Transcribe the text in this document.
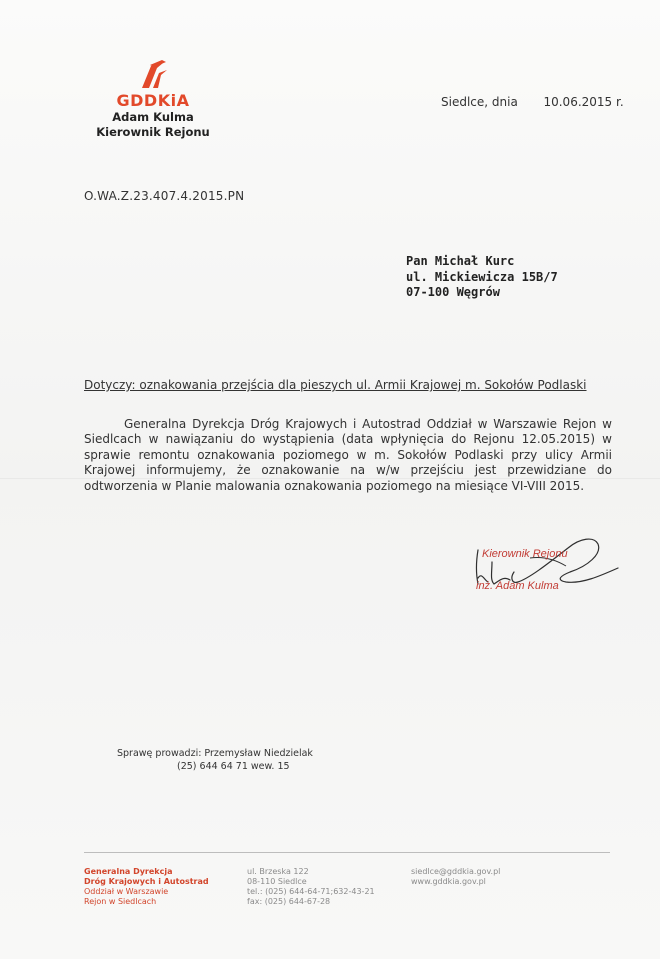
GDDKiA
Adam Kulma
Kierownik Rejonu
Siedlce, dnia 10.06.2015 r.
O.WA.Z.23.407.4.2015.PN
Pan Michał Kurc
ul. Mickiewicza 15B/7
07-100 Węgrów
Dotyczy: oznakowania przejścia dla pieszych ul. Armii Krajowej m. Sokołów Podlaski
Generalna Dyrekcja Dróg Krajowych i Autostrad Oddział w Warszawie Rejon w Siedlcach w nawiązaniu do wystąpienia (data wpłynięcia do Rejonu 12.05.2015) w sprawie remontu oznakowania poziomego w m. Sokołów Podlaski przy ulicy Armii Krajowej informujemy, że oznakowanie na w/w przejściu jest przewidziane do odtworzenia w Planie malowania oznakowania poziomego na miesiące VI-VIII 2015.
Kierownik Rejonu
inż. Adam Kulma
Sprawę prowadzi: Przemysław Niedzielak
(25) 644 64 71 wew. 15
Generalna Dyrekcja
Dróg Krajowych i Autostrad
Oddział w Warszawie
Rejon w Siedlcach
ul. Brzeska 122
08-110 Siedlce
tel.: (025) 644-64-71;632-43-21
fax: (025) 644-67-28
siedlce@gddkia.gov.pl
www.gddkia.gov.pl
